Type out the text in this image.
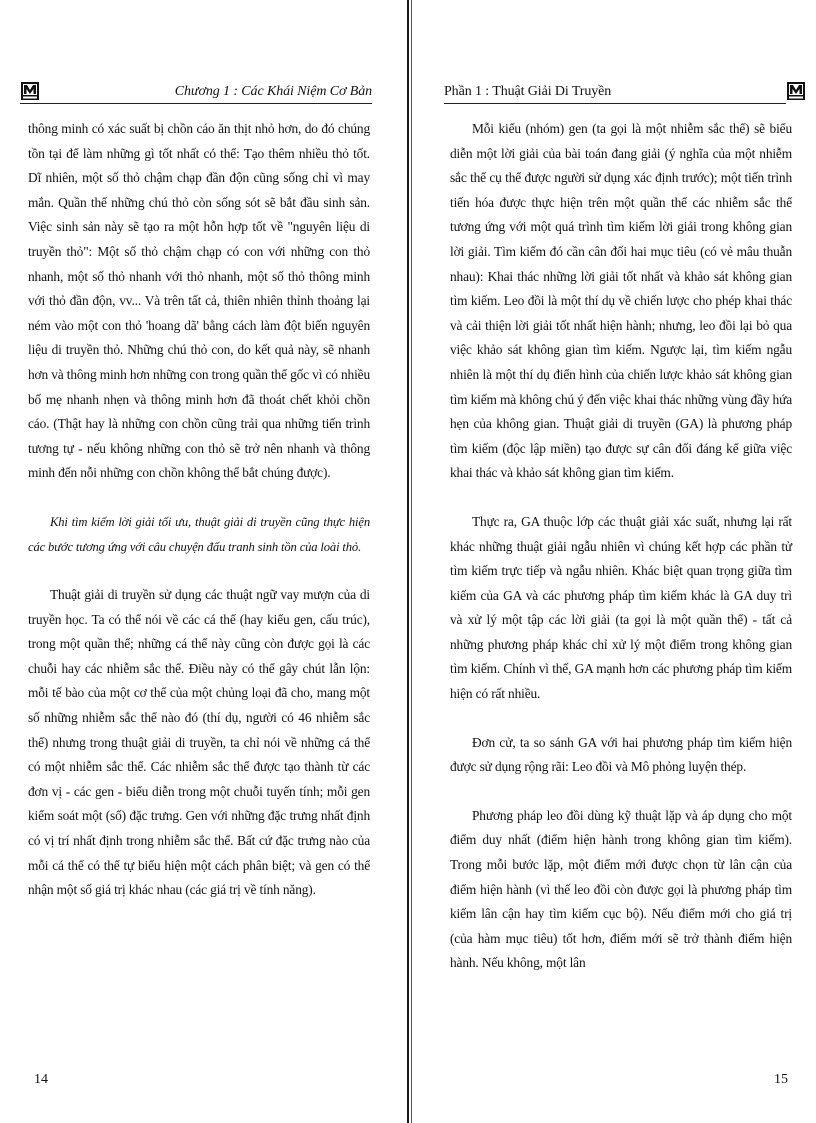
Chương 1 : Các Khái Niệm Cơ Bản

thông minh có xác suất bị chồn cáo ăn thịt nhỏ hơn, do đó chúng tồn tại để làm những gì tốt nhất có thể: Tạo thêm nhiều thỏ tốt. Dĩ nhiên, một số thỏ chậm chạp đần độn cũng sống chỉ vì may mắn. Quần thể những chú thỏ còn sống sót sẽ bắt đầu sinh sản. Việc sinh sản này sẽ tạo ra một hỗn hợp tốt về "nguyên liệu di truyền thỏ": Một số thỏ chậm chạp có con với những con thỏ nhanh, một số thỏ nhanh với thỏ nhanh, một số thỏ thông minh với thỏ đần độn, vv... Và trên tất cả, thiên nhiên thỉnh thoảng lại ném vào một con thỏ 'hoang dã' bằng cách làm đột biến nguyên liệu di truyền thỏ. Những chú thỏ con, do kết quả này, sẽ nhanh hơn và thông minh hơn những con trong quần thể gốc vì có nhiều bố mẹ nhanh nhẹn và thông minh hơn đã thoát chết khỏi chồn cáo. (Thật hay là những con chồn cũng trải qua những tiến trình tương tự - nếu không những con thỏ sẽ trở nên nhanh và thông minh đến nỗi những con chồn không thể bắt chúng được).

Khi tìm kiếm lời giải tối ưu, thuật giải di truyền cũng thực hiện các bước tương ứng với câu chuyện đấu tranh sinh tồn của loài thỏ.

Thuật giải di truyền sử dụng các thuật ngữ vay mượn của di truyền học. Ta có thể nói về các cá thể (hay kiểu gen, cấu trúc), trong một quần thể; những cá thể này cũng còn được gọi là các chuỗi hay các nhiễm sắc thể. Điều này có thể gây chút lẫn lộn: mỗi tế bào của một cơ thể của một chủng loại đã cho, mang một số những nhiễm sắc thể nào đó (thí dụ, người có 46 nhiễm sắc thể) nhưng trong thuật giải di truyền, ta chỉ nói về những cá thể có một nhiễm sắc thể. Các nhiễm sắc thể được tạo thành từ các đơn vị - các gen - biểu diễn trong một chuỗi tuyến tính; mỗi gen kiểm soát một (số) đặc trưng. Gen với những đặc trưng nhất định có vị trí nhất định trong nhiễm sắc thể. Bất cứ đặc trưng nào của mỗi cá thể có thể tự biểu hiện một cách phân biệt; và gen có thể nhận một số giá trị khác nhau (các giá trị về tính năng).

14
Phần 1 : Thuật Giải Di Truyền

Mỗi kiểu (nhóm) gen (ta gọi là một nhiễm sắc thể) sẽ biểu diễn một lời giải của bài toán đang giải (ý nghĩa của một nhiễm sắc thể cụ thể được người sử dụng xác định trước); một tiến trình tiến hóa được thực hiện trên một quần thể các nhiễm sắc thể tương ứng với một quá trình tìm kiếm lời giải trong không gian lời giải. Tìm kiếm đó cần cân đối hai mục tiêu (có vẻ mâu thuẫn nhau): Khai thác những lời giải tốt nhất và khảo sát không gian tìm kiếm. Leo đồi là một thí dụ về chiến lược cho phép khai thác và cải thiện lời giải tốt nhất hiện hành; nhưng, leo đồi lại bỏ qua việc khảo sát không gian tìm kiếm. Ngược lại, tìm kiếm ngẫu nhiên là một thí dụ điển hình của chiến lược khảo sát không gian tìm kiếm mà không chú ý đến việc khai thác những vùng đầy hứa hẹn của không gian. Thuật giải di truyền (GA) là phương pháp tìm kiếm (độc lập miền) tạo được sự cân đối đáng kể giữa việc khai thác và khảo sát không gian tìm kiếm.

Thực ra, GA thuộc lớp các thuật giải xác suất, nhưng lại rất khác những thuật giải ngẫu nhiên vì chúng kết hợp các phần tử tìm kiếm trực tiếp và ngẫu nhiên. Khác biệt quan trọng giữa tìm kiếm của GA và các phương pháp tìm kiếm khác là GA duy trì và xử lý một tập các lời giải (ta gọi là một quần thể) - tất cả những phương pháp khác chỉ xử lý một điểm trong không gian tìm kiếm. Chính vì thế, GA mạnh hơn các phương pháp tìm kiếm hiện có rất nhiều.

Đơn cử, ta so sánh GA với hai phương pháp tìm kiếm hiện được sử dụng rộng rãi: Leo đồi và Mô phỏng luyện thép.

Phương pháp leo đồi dùng kỹ thuật lặp và áp dụng cho một điểm duy nhất (điểm hiện hành trong không gian tìm kiếm). Trong mỗi bước lặp, một điểm mới được chọn từ lân cận của điểm hiện hành (vì thế leo đồi còn được gọi là phương pháp tìm kiếm lân cận hay tìm kiếm cục bộ). Nếu điểm mới cho giá trị (của hàm mục tiêu) tốt hơn, điểm mới sẽ trở thành điểm hiện hành. Nếu không, một lân

15
